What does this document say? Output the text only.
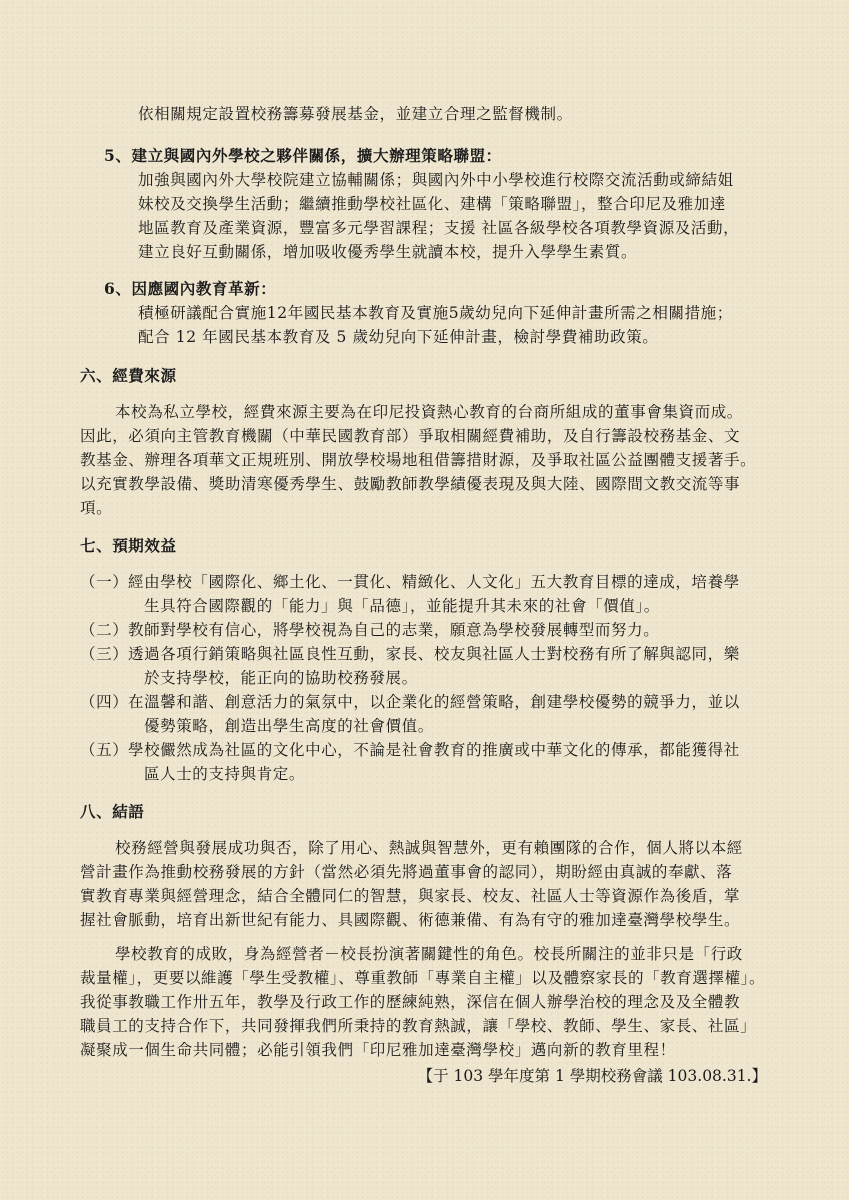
依相關規定設置校務籌募發展基金，並建立合理之監督機制。
5、建立與國內外學校之夥伴關係，擴大辦理策略聯盟：
加強與國內外大學校院建立協輔關係；與國內外中小學校進行校際交流活動或締結姐
妹校及交換學生活動；繼續推動學校社區化、建構「策略聯盟」，整合印尼及雅加達
地區教育及產業資源，豐富多元學習課程；支援 社區各級學校各項教學資源及活動，
建立良好互動關係，增加吸收優秀學生就讀本校，提升入學學生素質。
6、因應國內教育革新：
積極研議配合實施12年國民基本教育及實施5歲幼兒向下延伸計畫所需之相關措施；
配合 12 年國民基本教育及 5 歲幼兒向下延伸計畫，檢討學費補助政策。
六、經費來源
本校為私立學校，經費來源主要為在印尼投資熱心教育的台商所組成的董事會集資而成。
因此，必須向主管教育機關（中華民國教育部）爭取相關經費補助，及自行籌設校務基金、文
教基金、辦理各項華文正規班別、開放學校場地租借籌措財源，及爭取社區公益團體支援著手。
以充實教學設備、獎助清寒優秀學生、鼓勵教師教學績優表現及與大陸、國際間文教交流等事
項。
七、預期效益
（一） 經由學校「國際化、鄉土化、一貫化、精緻化、人文化」五大教育目標的達成，培養學
生具符合國際觀的「能力」與「品德」，並能提升其未來的社會「價值」。
（二） 教師對學校有信心，將學校視為自己的志業，願意為學校發展轉型而努力。
（三） 透過各項行銷策略與社區良性互動，家長、校友與社區人士對校務有所了解與認同，樂
於支持學校，能正向的協助校務發展。
（四） 在溫馨和諧、創意活力的氣氛中，以企業化的經營策略，創建學校優勢的競爭力，並以
優勢策略，創造出學生高度的社會價值。
（五） 學校儼然成為社區的文化中心，不論是社會教育的推廣或中華文化的傳承，都能獲得社
區人士的支持與肯定。
八、結語
校務經營與發展成功與否，除了用心、熱誠與智慧外，更有賴團隊的合作，個人將以本經
營計畫作為推動校務發展的方針（當然必須先將過董事會的認同），期盼經由真誠的奉獻、落
實教育專業與經營理念，結合全體同仁的智慧，與家長、校友、社區人士等資源作為後盾，掌
握社會脈動，培育出新世紀有能力、具國際觀、術德兼備、有為有守的雅加達臺灣學校學生。
學校教育的成敗，身為經營者－校長扮演著關鍵性的角色。校長所關注的並非只是「行政
裁量權」，更要以維護「學生受教權」、尊重教師「專業自主權」以及體察家長的「教育選擇權」。
我從事教職工作卅五年，教學及行政工作的歷練純熟，深信在個人辦學治校的理念及及全體教
職員工的支持合作下，共同發揮我們所秉持的教育熱誠，讓「學校、教師、學生、家長、社區」
凝聚成一個生命共同體；必能引領我們「印尼雅加達臺灣學校」邁向新的教育里程！
【于 103 學年度第 1 學期校務會議 103.08.31.】
